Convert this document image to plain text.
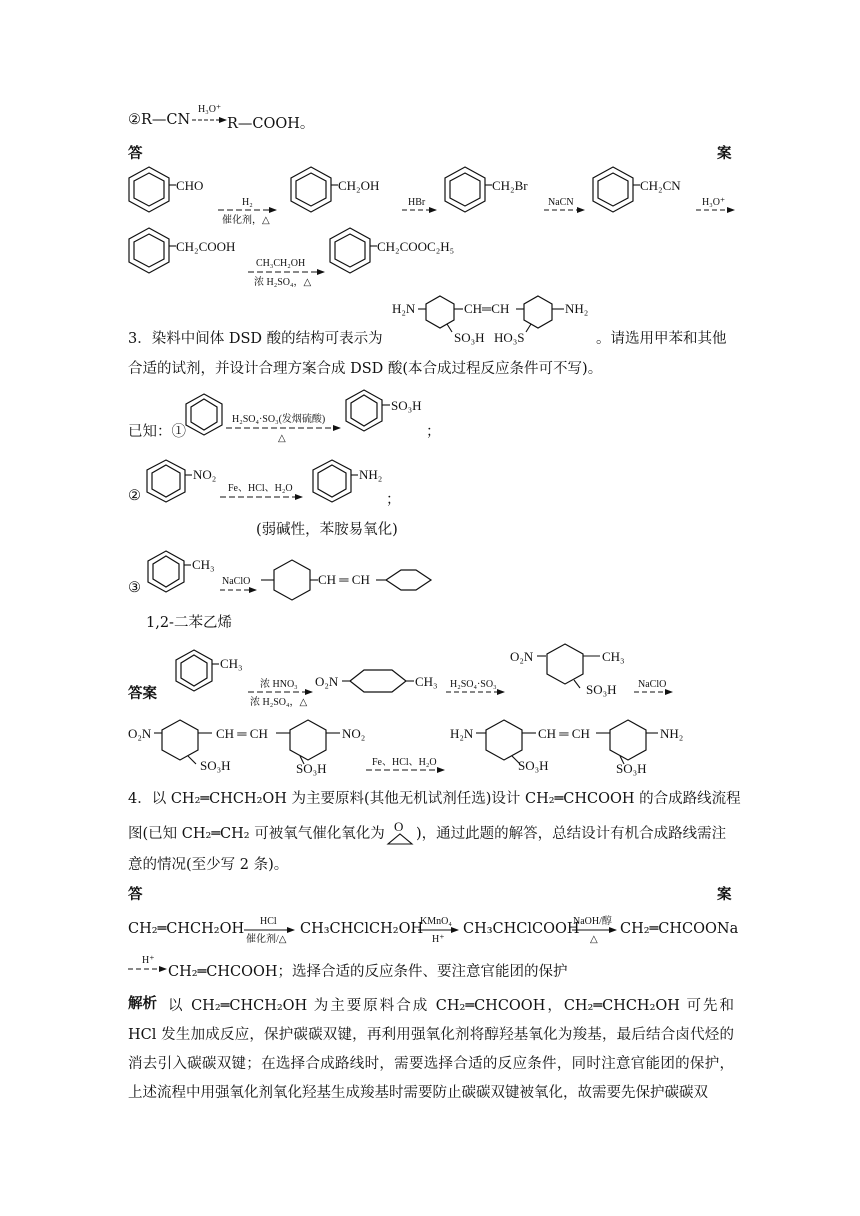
②R—CN	R—COOH。
答	案
H₃O⁺
CHO
H₂
催化剂，△
CH₂OH
HBr
CH₂Br
NaCN
CH₂CN
H₃O⁺
CH₂COOH
CH₃CH₂OH
浓 H₂SO₄，△
CH₂COOC₂H₅
H₂N	CH═CH	NH₂
SO₃H HO₃S
H₂SO₄·SO₃(发烟硫酸)
△
SO₃H
NO₂
Fe、HCl、H₂O
NH₂
CH₃
NaClO	CH ═ CH
CH₃
浓 HNO₃
浓 H₂SO₄，△
O₂N	CH₃ H₂SO₄·SO₃
O₂N	CH₃
SO₃H NaClO
O₂N	CH ═ CH	NO₂
SO₃H	SO₃H	Fe、HCl、H₂O
H₂N	CH ═ CH	NH₂
SO₃H	SO₃H
O
HCl
催化剂/△
KMnO₄
H⁺
NaOH/醇
△
H⁺
3．染料中间体 DSD 酸的结构可表示为	。请选用甲苯和其他
合适的试剂，并设计合理方案合成 DSD 酸(本合成过程反应条件可不写)。
已知：①	；
②	；
(弱碱性，苯胺易氧化)
③
1,2-二苯乙烯
答案
4．以 CH₂═CHCH₂OH 为主要原料(其他无机试剂任选)设计 CH₂═CHCOOH 的合成路线流程
图(已知 CH₂═CH₂ 可被氧气催化氧化为 )，通过此题的解答，总结设计有机合成路线需注
意的情况(至少写 2 条)。
答	案
CH₂═CHCH₂OH	CH₃CHClCH₂OH	CH₃CHClCOOH	CH₂═CHCOONa
CH₂═CHCOOH；选择合适的反应条件、要注意官能团的保护
解析 以 CH₂═CHCH₂OH 为主要原料合成 CH₂═CHCOOH，CH₂═CHCH₂OH 可先和 HCl 发生加成反应，保护碳碳双键，再利用强氧化剂将醇羟基氧化为羧基，最后结合卤代烃的消去引入碳碳双键；在选择合成路线时，需要选择合适的反应条件，同时注意官能团的保护，上述流程中用强氧化剂氧化羟基生成羧基时需要防止碳碳双键被氧化，故需要先保护碳碳双
